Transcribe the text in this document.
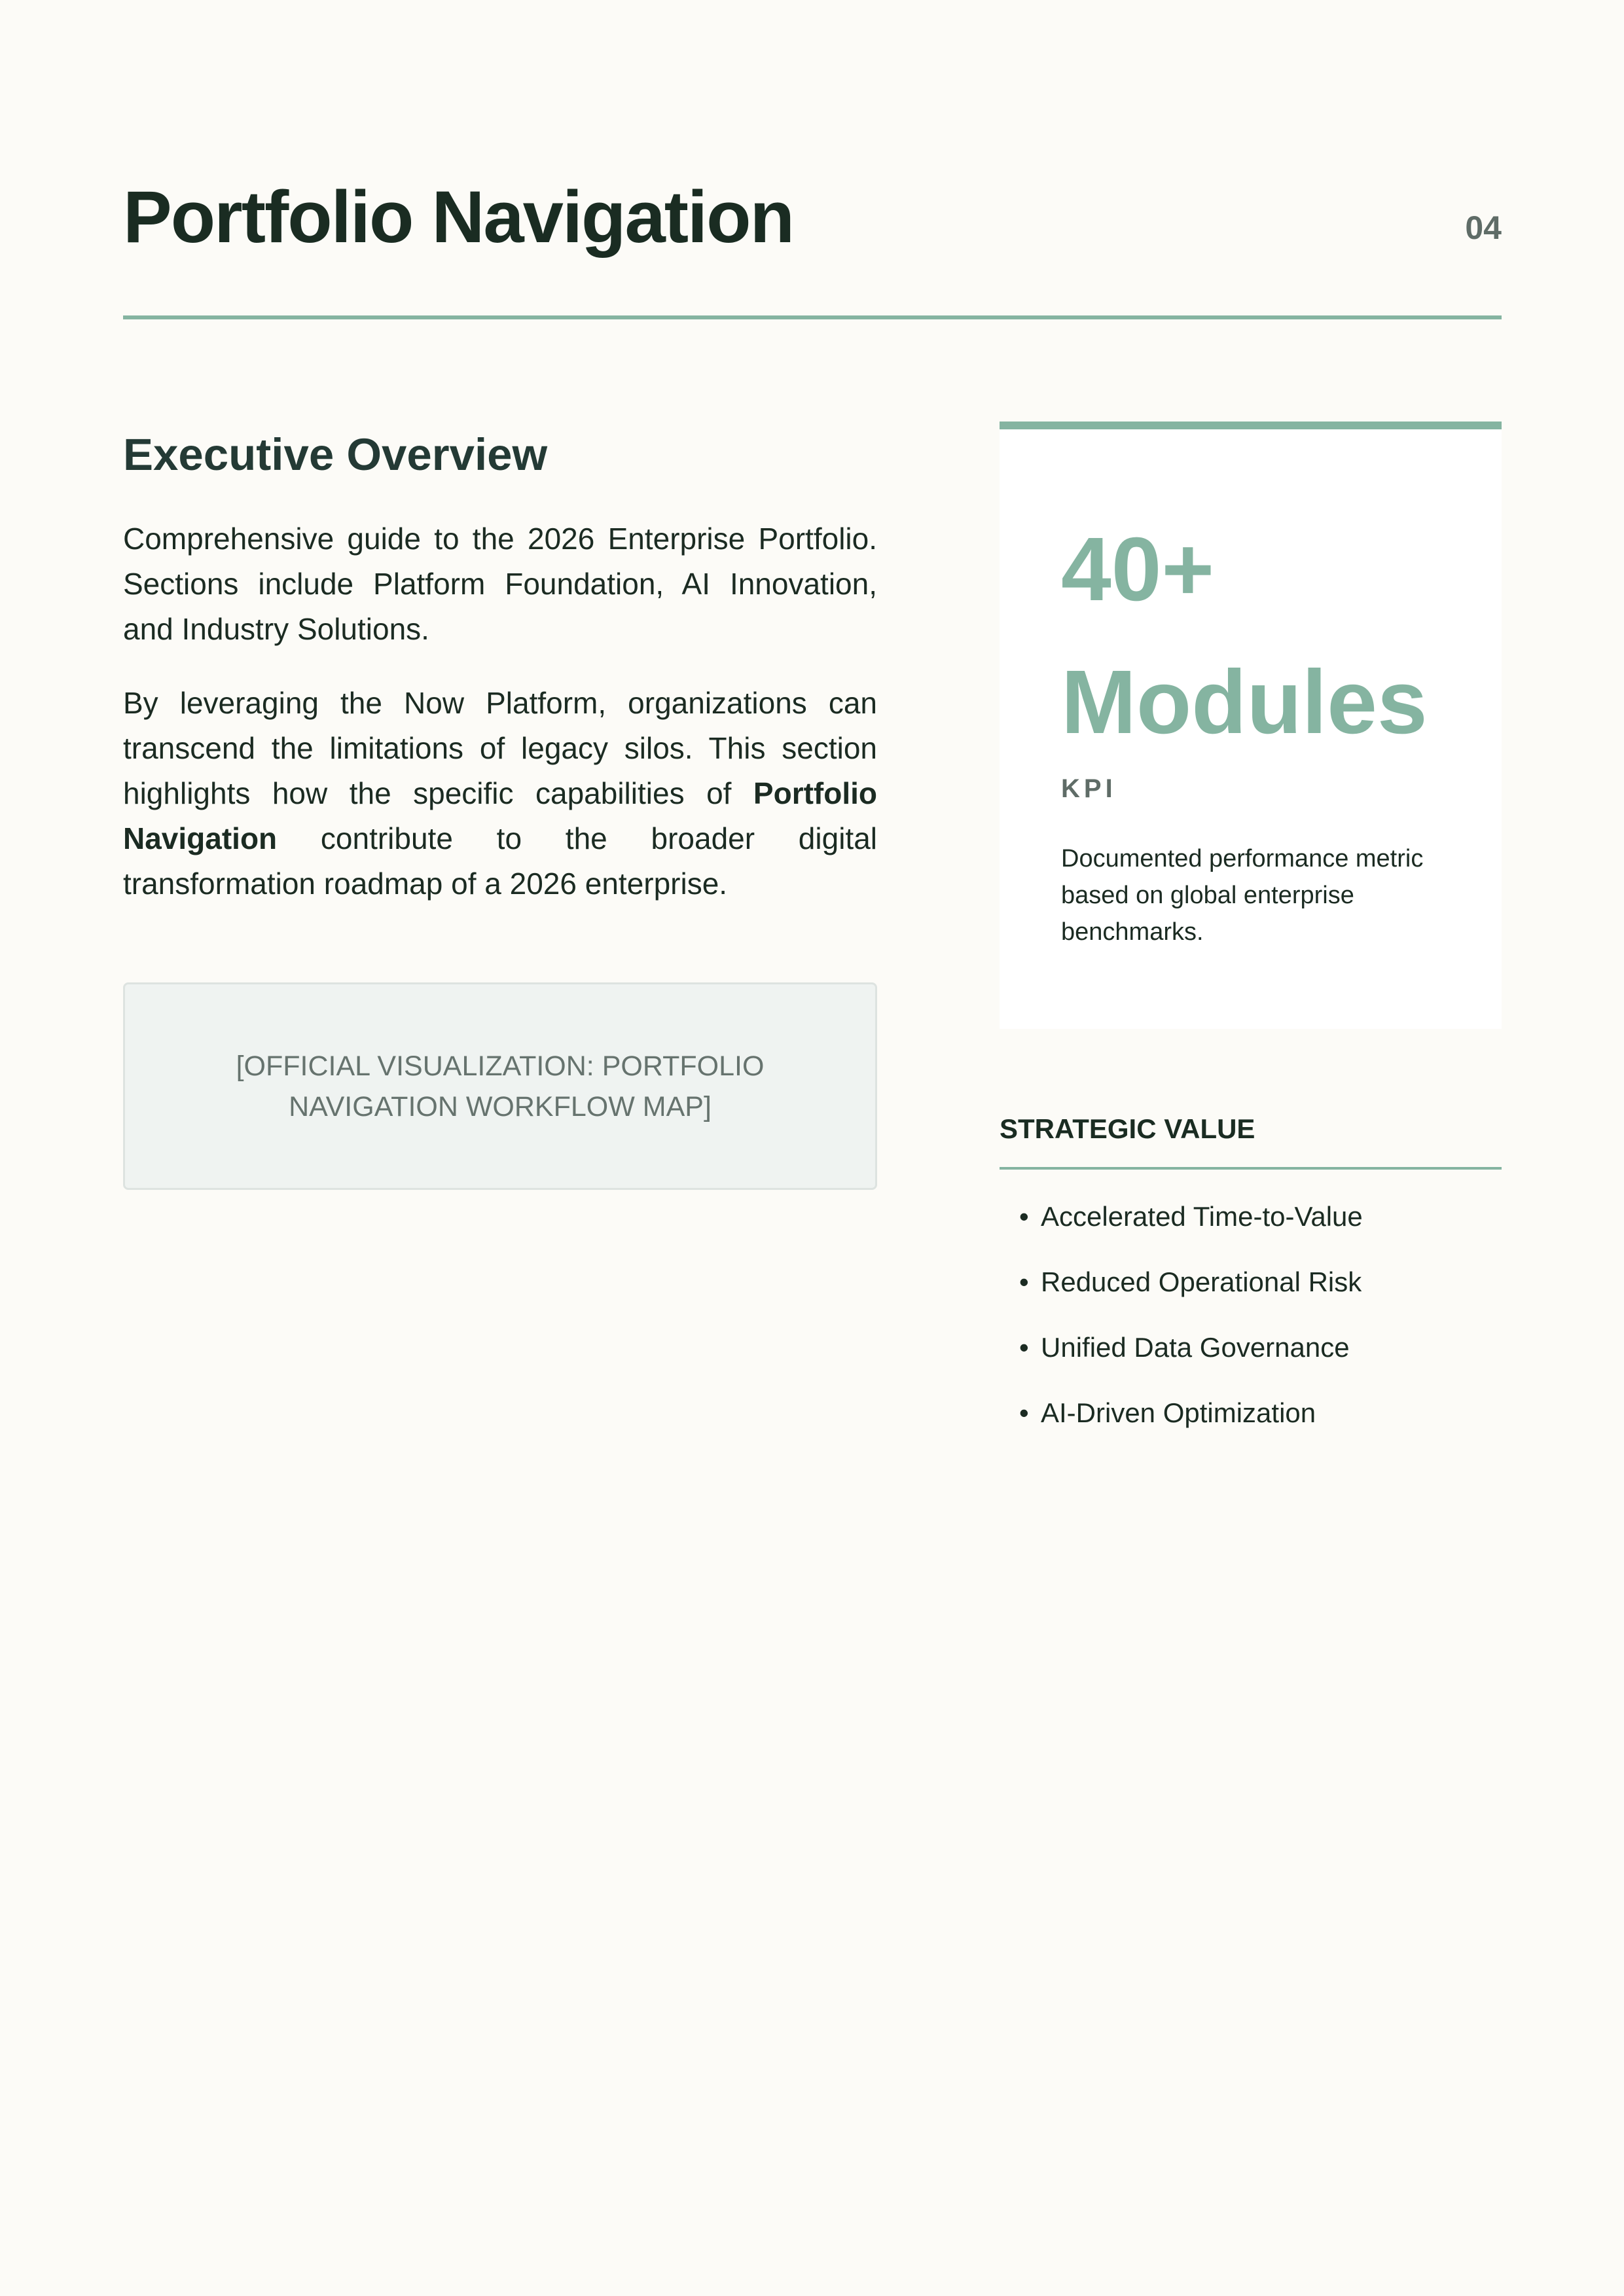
Portfolio Navigation	04
Executive Overview

Comprehensive guide to the 2026 Enterprise Portfolio. Sections include Platform Foundation, AI Innovation, and Industry Solutions.

By leveraging the Now Platform, organizations can transcend the limitations of legacy silos. This section highlights how the specific capabilities of Portfolio Navigation contribute to the broader digital transformation roadmap of a 2026 enterprise.

[OFFICIAL VISUALIZATION: PORTFOLIO NAVIGATION WORKFLOW MAP]
40+ Modules
KPI
Documented performance metric based on global enterprise benchmarks.
STRATEGIC VALUE
• Accelerated Time-to-Value
• Reduced Operational Risk
• Unified Data Governance
• AI-Driven Optimization
